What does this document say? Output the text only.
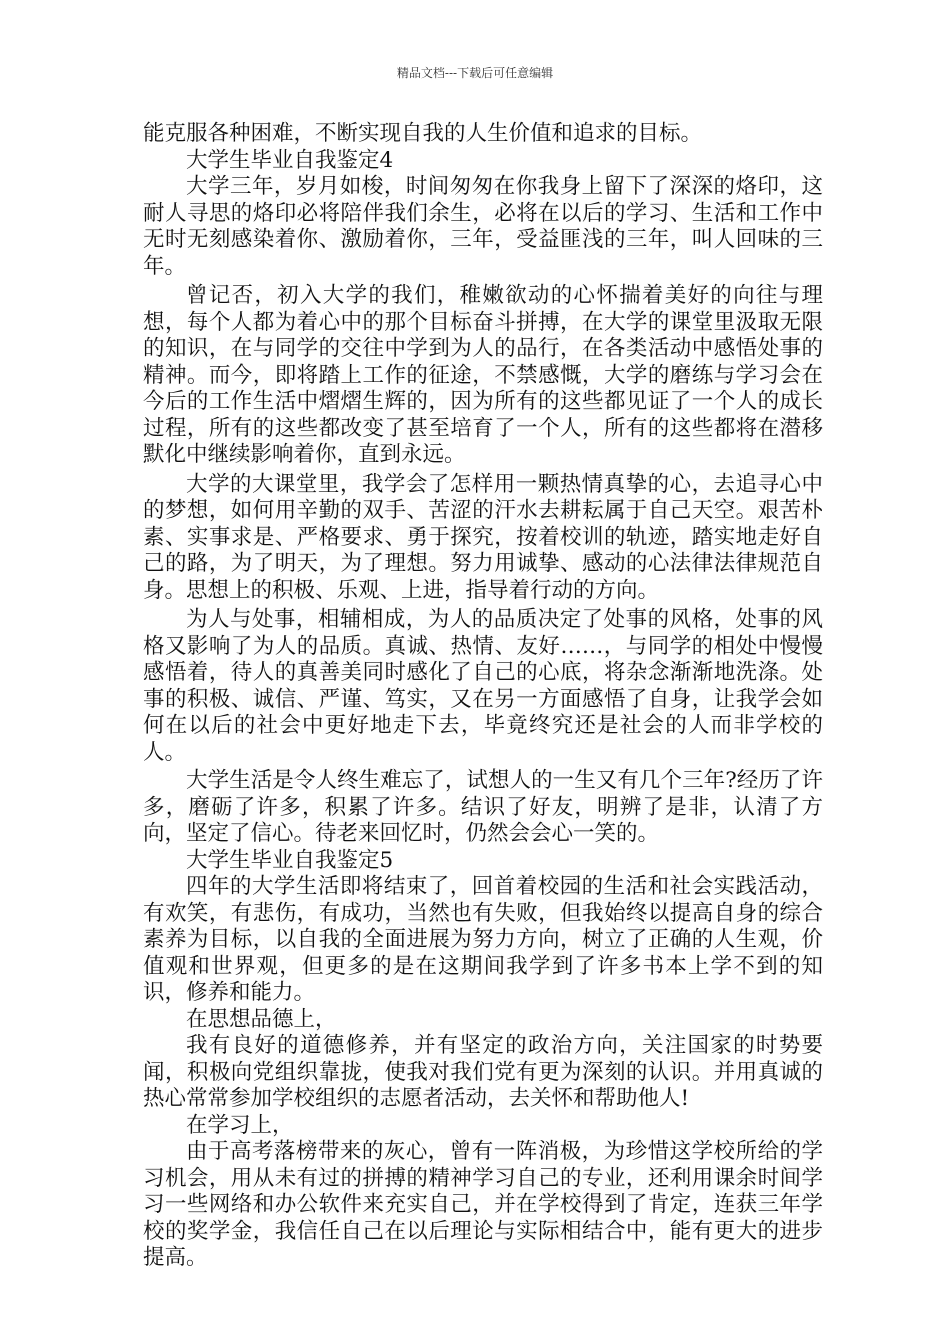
精品文档---下载后可任意编辑

能克服各种困难，不断实现自我的人生价值和追求的目标。

大学生毕业自我鉴定4

大学三年，岁月如梭，时间匆匆在你我身上留下了深深的烙印，这耐人寻思的烙印必将陪伴我们余生，必将在以后的学习、生活和工作中无时无刻感染着你、激励着你，三年，受益匪浅的三年，叫人回味的三年。

曾记否，初入大学的我们，稚嫩欲动的心怀揣着美好的向往与理想，每个人都为着心中的那个目标奋斗拼搏，在大学的课堂里汲取无限的知识，在与同学的交往中学到为人的品行，在各类活动中感悟处事的精神。而今，即将踏上工作的征途，不禁感慨，大学的磨练与学习会在今后的工作生活中熠熠生辉的，因为所有的这些都见证了一个人的成长过程，所有的这些都改变了甚至培育了一个人，所有的这些都将在潜移默化中继续影响着你，直到永远。

大学的大课堂里，我学会了怎样用一颗热情真挚的心，去追寻心中的梦想，如何用辛勤的双手、苦涩的汗水去耕耘属于自己天空。艰苦朴素、实事求是、严格要求、勇于探究，按着校训的轨迹，踏实地走好自己的路，为了明天，为了理想。努力用诚挚、感动的心法律法律规范自身。思想上的积极、乐观、上进，指导着行动的方向。

为人与处事，相辅相成，为人的品质决定了处事的风格，处事的风格又影响了为人的品质。真诚、热情、友好……，与同学的相处中慢慢感悟着，待人的真善美同时感化了自己的心底，将杂念渐渐地洗涤。处事的积极、诚信、严谨、笃实，又在另一方面感悟了自身，让我学会如何在以后的社会中更好地走下去，毕竟终究还是社会的人而非学校的人。

大学生活是令人终生难忘了，试想人的一生又有几个三年?经历了许多，磨砺了许多，积累了许多。结识了好友，明辨了是非，认清了方向，坚定了信心。待老来回忆时，仍然会会心一笑的。

大学生毕业自我鉴定5

四年的大学生活即将结束了，回首着校园的生活和社会实践活动，有欢笑，有悲伤，有成功，当然也有失败，但我始终以提高自身的综合素养为目标，以自我的全面进展为努力方向，树立了正确的人生观，价值观和世界观，但更多的是在这期间我学到了许多书本上学不到的知识，修养和能力。

在思想品德上，

我有良好的道德修养，并有坚定的政治方向，关注国家的时势要闻，积极向党组织靠拢，使我对我们党有更为深刻的认识。并用真诚的热心常常参加学校组织的志愿者活动，去关怀和帮助他人!

在学习上，

由于高考落榜带来的灰心，曾有一阵消极，为珍惜这学校所给的学习机会，用从未有过的拼搏的精神学习自己的专业，还利用课余时间学习一些网络和办公软件来充实自己，并在学校得到了肯定，连获三年学校的奖学金，我信任自己在以后理论与实际相结合中，能有更大的进步提高。
